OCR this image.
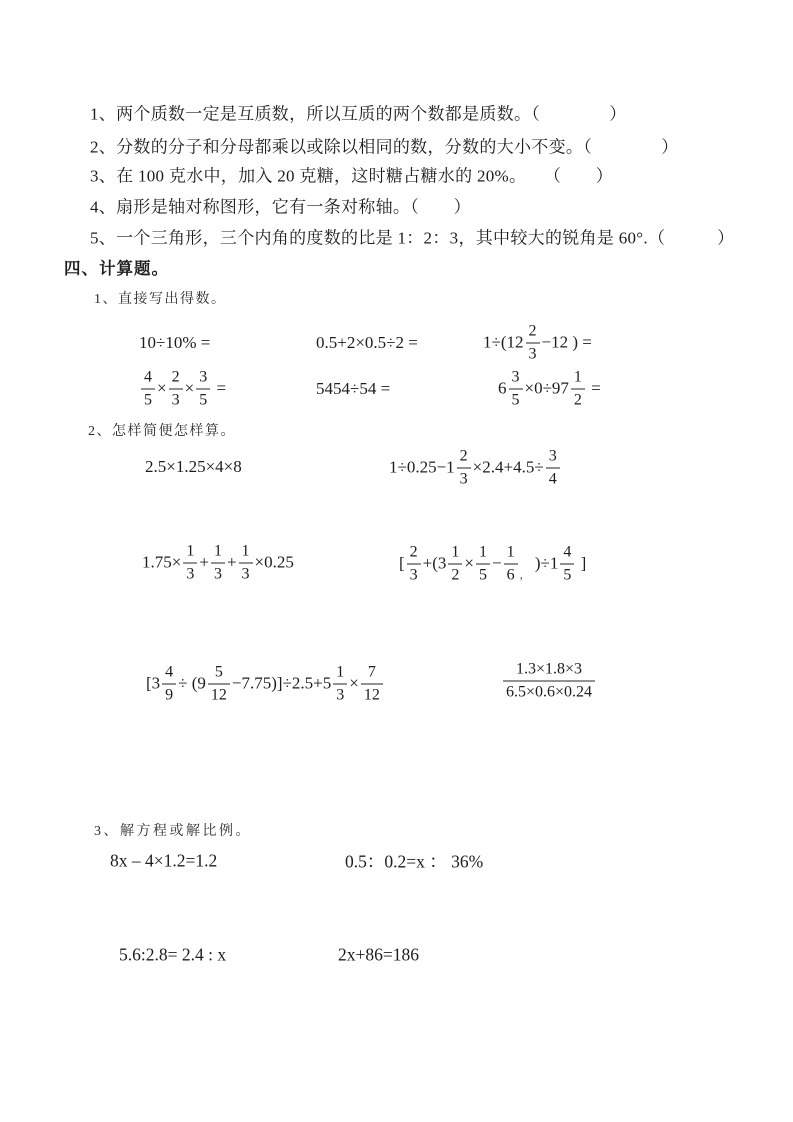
1、两个质数一定是互质数，所以互质的两个数都是质数。（　　　　）
2、分数的分子和分母都乘以或除以相同的数，分数的大小不变。（　　　　）
3、在 100 克水中，加入 20 克糖，这时糖占糖水的 20%。　　（　　）
4、扇形是轴对称图形，它有一条对称轴。（　　）
5、一个三角形，三个内角的度数的比是 1：2：3，其中较大的锐角是 60°.（　　　）
四、计算题。
1、直接写出得数。
10÷10% =	0.5+2×0.5÷2 =	$1\div(12 \frac{2}{3} -12$ ) =
$\frac{4}{5} \times \frac{2}{3} \times \frac{3}{5}$ =	5454÷54 =	$6 \frac{3}{5} \times 0\div 97 \frac{1}{2}$ =
2、怎样简便怎样算。
2.5×1.25×4×8	$1\div 0.25-1 \frac{2}{3} \times 2.4+4.5\div \frac{3}{4}$
$1.75\times \frac{1}{3} + \frac{1}{3} + \frac{1}{3} \times 0.25$	[ $\frac{2}{3} +(3 \frac{1}{2} \times \frac{1}{5} - \frac{1}{6}$ ，
)$\div 1 \frac{4}{5}$ ]
$[3 \frac{4}{9} \div (9 \frac{5}{12} -7.75)]\div 2.5+5 \frac{1}{3} \times \frac{7}{12}$	$\frac{1.3\times 1.8\times 3}{6.5\times 0.6\times 0.24}$
3、解方程或解比例。
8x – 4×1.2=1.2	0.5：0.2=x ： 36%
5.6:2.8= 2.4 : x	2x+86=186
